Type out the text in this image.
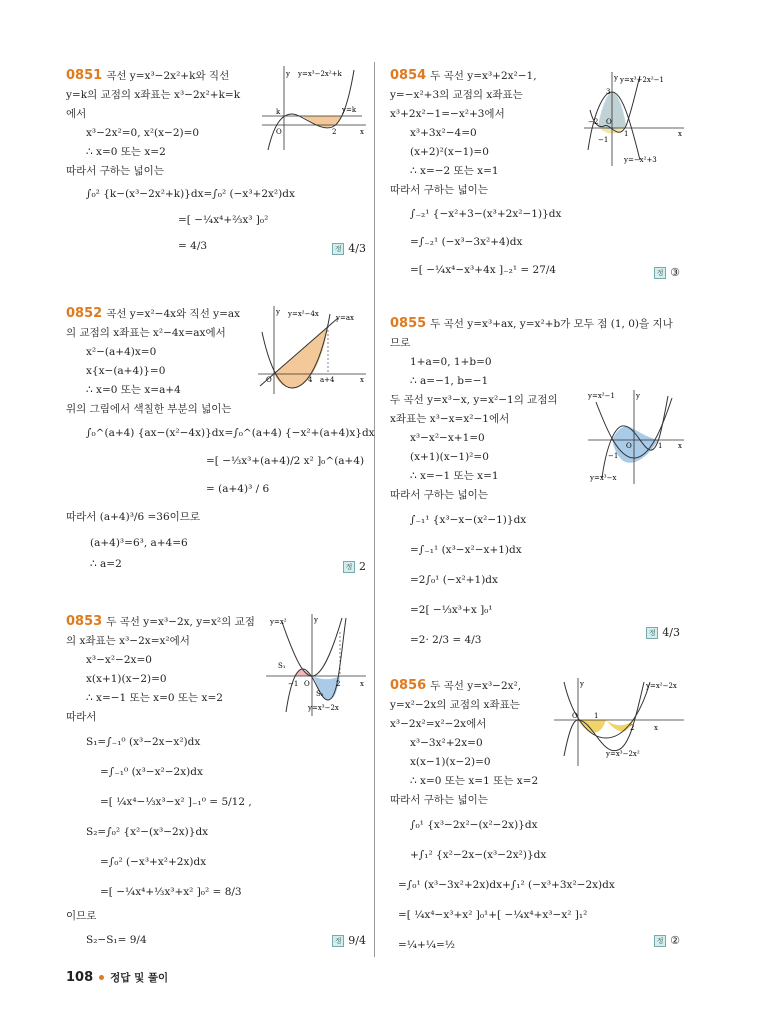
0851 곡선 y=x³−2x²+k와 직선
y=k의 교점의 x좌표는 x³−2x²+k=k
에서
x³−2x²=0, x²(x−2)=0
∴ x=0 또는 x=2
따라서 구하는 넓이는
∫₀² {k−(x³−2x²+k)}dx=∫₀² (−x³+2x²)dx
=[ −¼x⁴+⅔x³ ]₀²
= 4/3	정 4/3
y y=x³−2x²+k
y=k
k
O	2	x
0852 곡선 y=x²−4x와 직선 y=ax
의 교점의 x좌표는 x²−4x=ax에서
x²−(a+4)x=0
x{x−(a+4)}=0
∴ x=0 또는 x=a+4
위의 그림에서 색칠한 부분의 넓이는
∫₀^(a+4) {ax−(x²−4x)}dx=∫₀^(a+4) {−x²+(a+4)x}dx
=[ −⅓x³+(a+4)/2 x² ]₀^(a+4)
= (a+4)³ / 6
따라서 (a+4)³/6 =36이므로
(a+4)³=6³, a+4=6
∴ a=2	정 2
y y=x²−4x y=ax
O	4 a+4	x
0853 두 곡선 y=x³−2x, y=x²의 교점
의 x좌표는 x³−2x=x²에서
x³−x²−2x=0
x(x+1)(x−2)=0
∴ x=−1 또는 x=0 또는 x=2
따라서
S₁=∫₋₁⁰ (x³−2x−x²)dx
=∫₋₁⁰ (x³−x²−2x)dx
=[ ¼x⁴−⅓x³−x² ]₋₁⁰ = 5/12 ,
S₂=∫₀² {x²−(x³−2x)}dx
=∫₀² (−x³+x²+2x)dx
=[ −¼x⁴+⅓x³+x² ]₀² = 8/3
이므로
S₂−S₁= 9/4	정 9/4
y
y=x²
y=x³−2x
S₁
S₂
O
−1	2	x
0854 두 곡선 y=x³+2x²−1,
y=−x²+3의 교점의 x좌표는
x³+2x²−1=−x²+3에서
x³+3x²−4=0
(x+2)²(x−1)=0
∴ x=−2 또는 x=1
따라서 구하는 넓이는
∫₋₂¹ {−x²+3−(x³+2x²−1)}dx
=∫₋₂¹ (−x³−3x²+4)dx
=[ −¼x⁴−x³+4x ]₋₂¹ = 27/4	정 ③
y y=x³+2x²−1
y=−x²+3
3
−2 O
1
−1
x
0855 두 곡선 y=x³+ax, y=x²+b가 모두 점 (1, 0)을 지나
므로
1+a=0, 1+b=0
∴ a=−1, b=−1
두 곡선 y=x³−x, y=x²−1의 교점의
x좌표는 x³−x=x²−1에서
x³−x²−x+1=0
(x+1)(x−1)²=0
∴ x=−1 또는 x=1
따라서 구하는 넓이는
∫₋₁¹ {x³−x−(x²−1)}dx
=∫₋₁¹ (x³−x²−x+1)dx
=2∫₀¹ (−x²+1)dx
=2[ −⅓x³+x ]₀¹
=2· 2/3 = 4/3
정 4/3
y
y=x²−1
y=x³−x
O	1
−1
x
0856 두 곡선 y=x³−2x²,
y=x²−2x의 교점의 x좌표는
x³−2x²=x²−2x에서
x³−3x²+2x=0
x(x−1)(x−2)=0
∴ x=0 또는 x=1 또는 x=2
따라서 구하는 넓이는
∫₀¹ {x³−2x²−(x²−2x)}dx
+∫₁² {x²−2x−(x³−2x²)}dx
=∫₀¹ (x³−3x²+2x)dx+∫₁² (−x³+3x²−2x)dx
=[ ¼x⁴−x³+x² ]₀¹+[ −¼x⁴+x³−x² ]₁²
=¼+¼=½	정 ②
y	y=x²−2x
y=x³−2x²
O 1
2	x
108 정답 및 풀이
